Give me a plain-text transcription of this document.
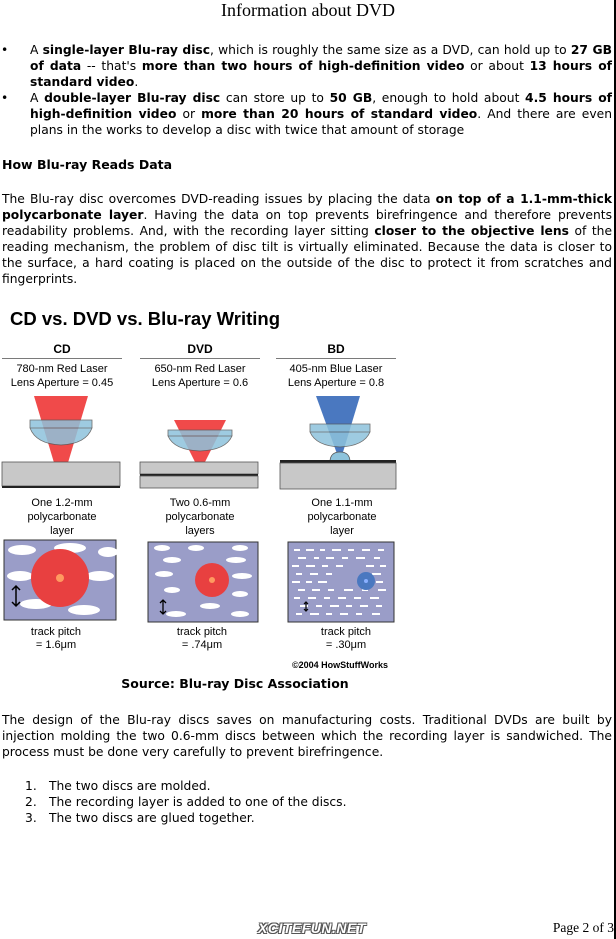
Information about DVD
• A single-layer Blu-ray disc, which is roughly the same size as a DVD, can hold up to 27 GB of data -- that's more than two hours of high-definition video or about 13 hours of standard video.
• A double-layer Blu-ray disc can store up to 50 GB, enough to hold about 4.5 hours of high-definition video or more than 20 hours of standard video. And there are even plans in the works to develop a disc with twice that amount of storage
How Blu-ray Reads Data

The Blu-ray disc overcomes DVD-reading issues by placing the data on top of a 1.1-mm-thick polycarbonate layer. Having the data on top prevents birefringence and therefore prevents readability problems. And, with the recording layer sitting closer to the objective lens of the reading mechanism, the problem of disc tilt is virtually eliminated. Because the data is closer to the surface, a hard coating is placed on the outside of the disc to protect it from scratches and fingerprints.

CD vs. DVD vs. Blu-ray Writing
CD
780-nm Red Laser
Lens Aperture = 0.45
DVD
650-nm Red Laser
Lens Aperture = 0.6
BD
405-nm Blue Laser
Lens Aperture = 0.8
One 1.2-mm
polycarbonate
layer
Two 0.6-mm
polycarbonate
layers
One 1.1-mm
polycarbonate
layer
track pitch
= 1.6μm
track pitch
= .74μm
track pitch
= .30μm
©2004 HowStuffWorks
Source: Blu-ray Disc Association

The design of the Blu-ray discs saves on manufacturing costs. Traditional DVDs are built by injection molding the two 0.6-mm discs between which the recording layer is sandwiched. The process must be done very carefully to prevent birefringence.

1. The two discs are molded.
2. The recording layer is added to one of the discs.
3. The two discs are glued together.
XCITEFUN.NET	Page 2 of 3
